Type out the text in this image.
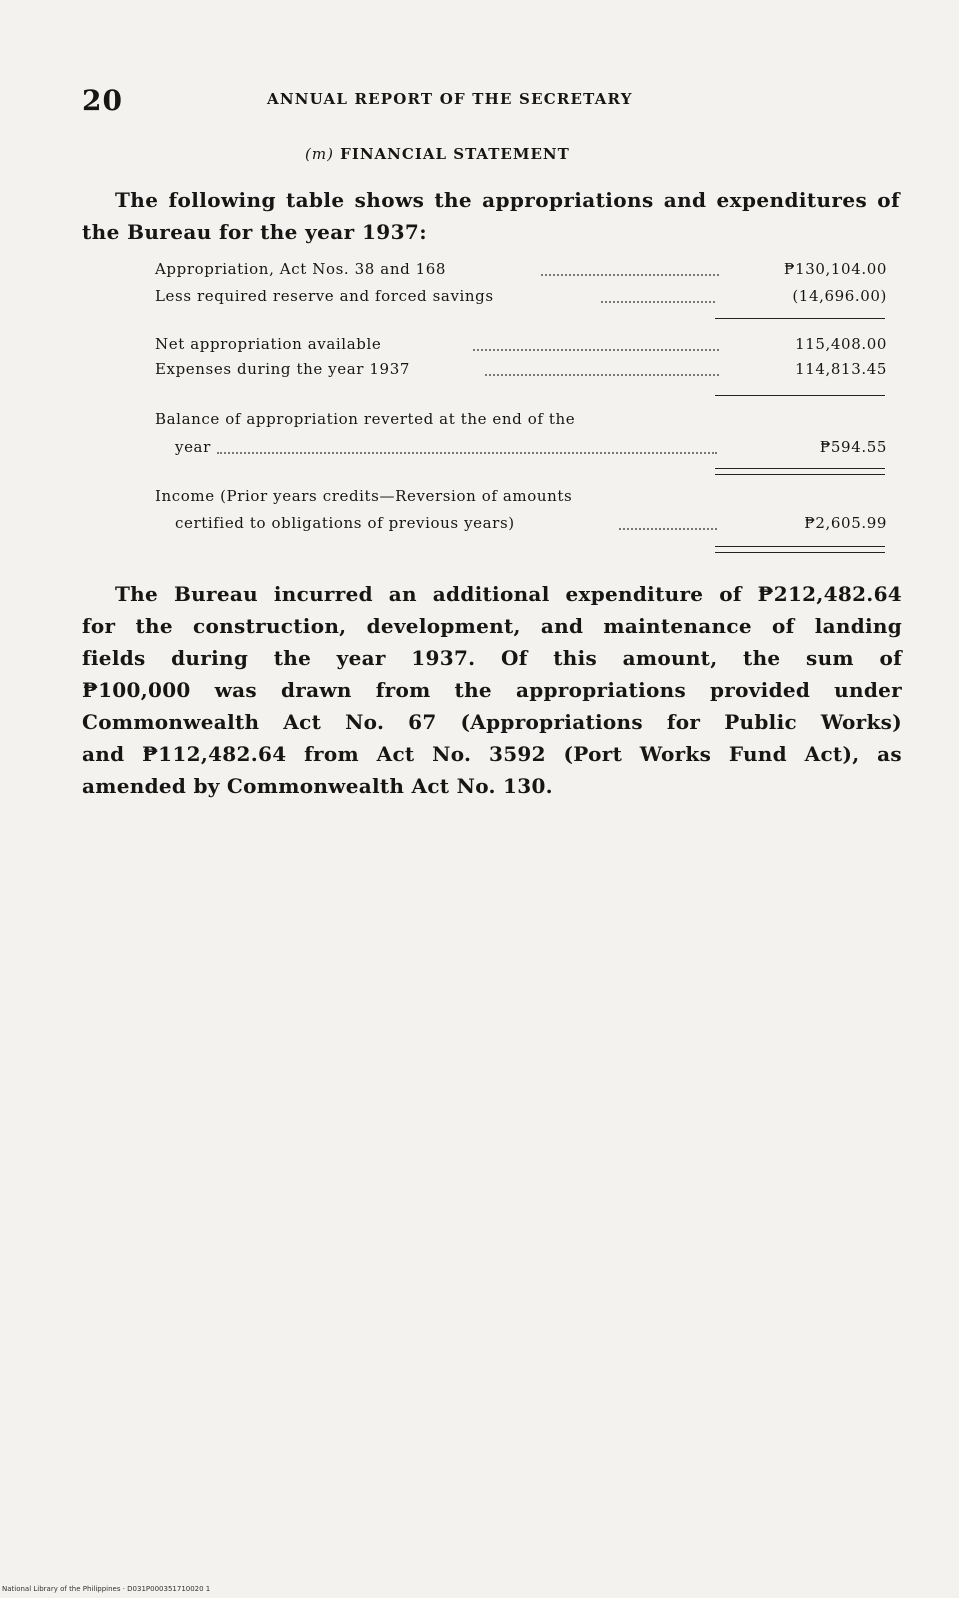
20	ANNUAL REPORT OF THE SECRETARY
(m) FINANCIAL STATEMENT
The following table shows the appropriations and expenditures of the Bureau for the year 1937:
Appropriation, Act Nos. 38 and 168	₱130,104.00
Less required reserve and forced savings	(14,696.00)
Net appropriation available	115,408.00
Expenses during the year 1937	114,813.45
Balance of appropriation reverted at the end of the
year	₱594.55
Income (Prior years credits—Reversion of amounts
certified to obligations of previous years)	₱2,605.99
The Bureau incurred an additional expenditure of ₱212,482.64
for the construction, development, and maintenance of landing
fields during the year 1937. Of this amount, the sum of
₱100,000 was drawn from the appropriations provided under
Commonwealth Act No. 67 (Appropriations for Public Works)
and ₱112,482.64 from Act No. 3592 (Port Works Fund Act), as
amended by Commonwealth Act No. 130.
National Library of the Philippines · D031P000351710020 1
